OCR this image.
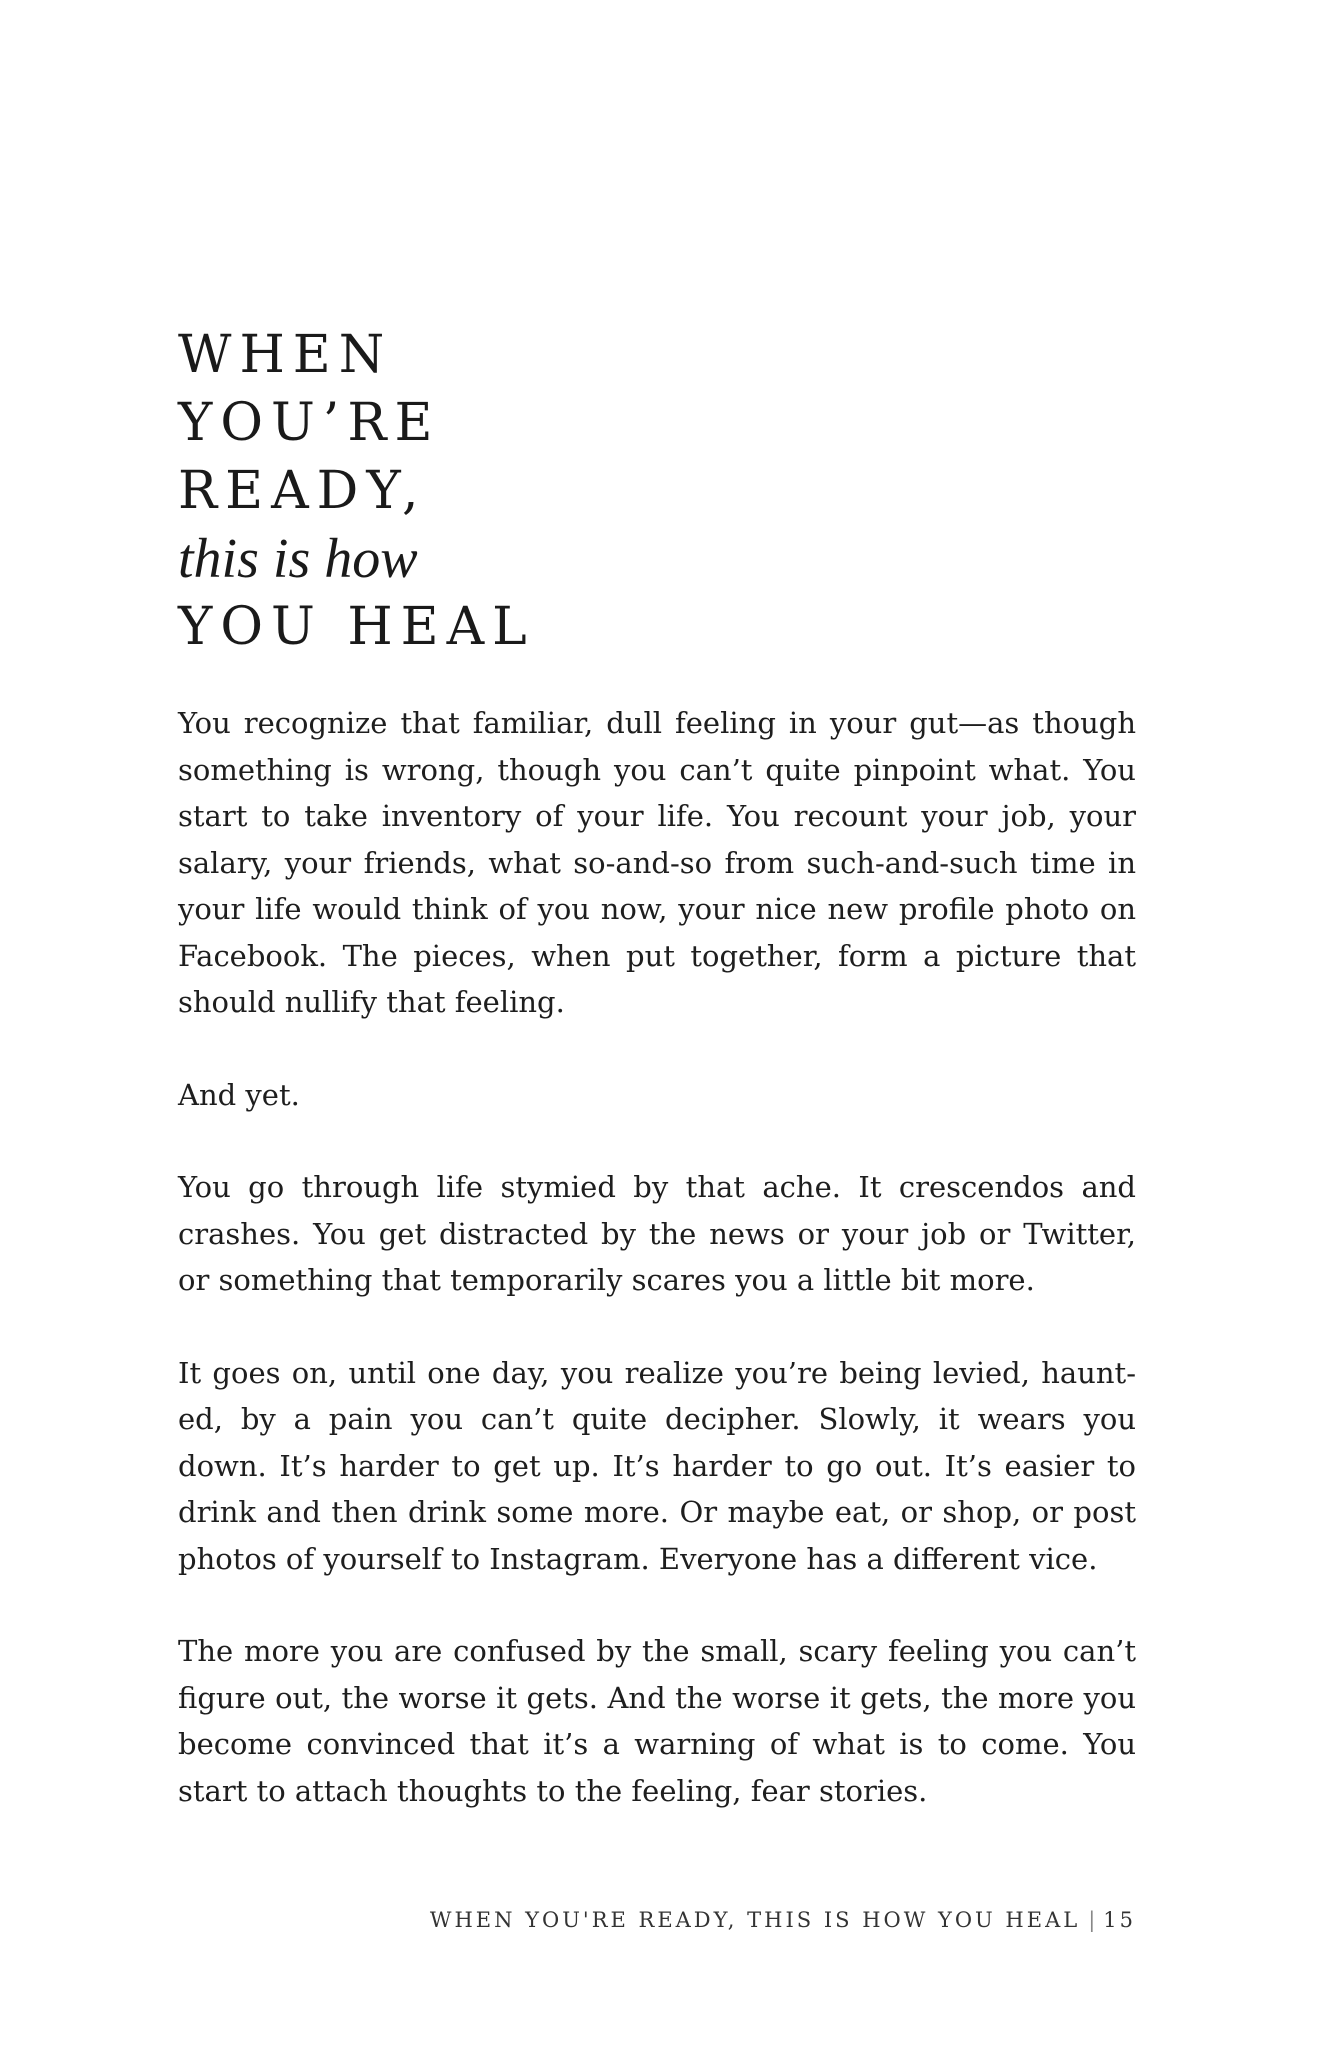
WHEN
YOU’RE
READY,
this is how
YOU HEAL

You recognize that familiar, dull feeling in your gut—as though something is wrong, though you can’t quite pinpoint what. You start to take inventory of your life. You recount your job, your salary, your friends, what so-and-so from such-and-such time in your life would think of you now, your nice new profile photo on Facebook. The pieces, when put together, form a picture that should nullify that feeling.

And yet.

You go through life stymied by that ache. It crescendos and crashes. You get distracted by the news or your job or Twitter, or something that temporarily scares you a little bit more.

It goes on, until one day, you realize you’re being levied, haunt-ed, by a pain you can’t quite decipher. Slowly, it wears you down. It’s harder to get up. It’s harder to go out. It’s easier to drink and then drink some more. Or maybe eat, or shop, or post photos of yourself to Instagram. Everyone has a different vice.

The more you are confused by the small, scary feeling you can’t figure out, the worse it gets. And the worse it gets, the more you become convinced that it’s a warning of what is to come. You start to attach thoughts to the feeling, fear stories.

WHEN YOU'RE READY, THIS IS HOW YOU HEAL | 15
